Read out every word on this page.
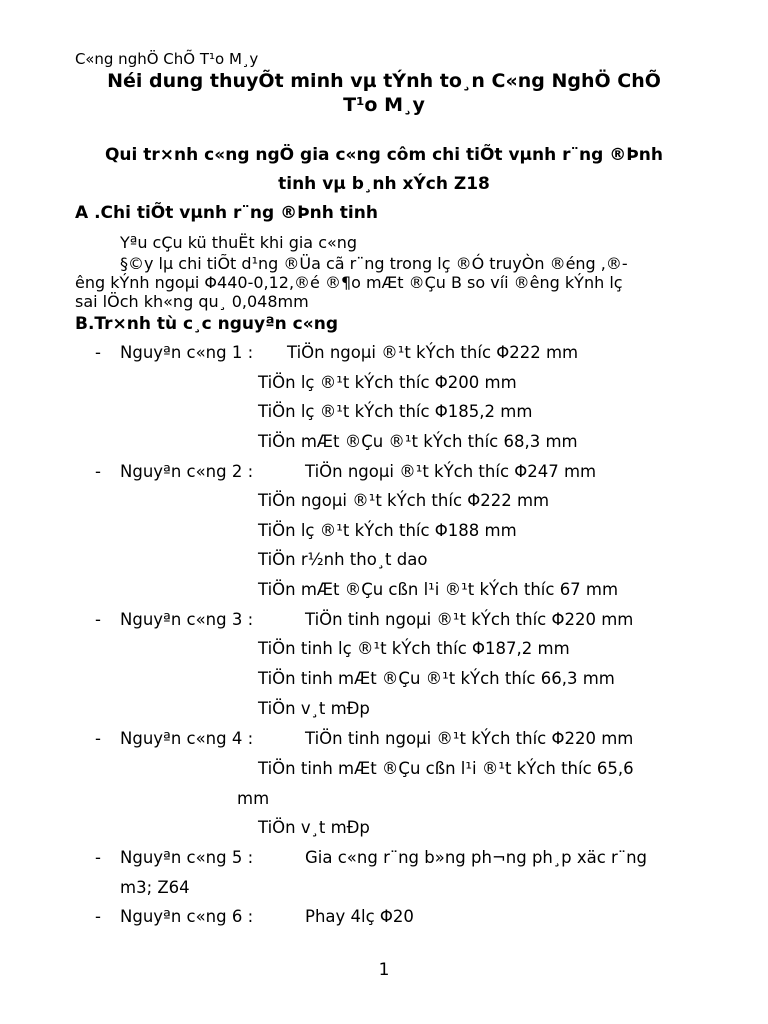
C«ng nghÖ ChÕ T¹o M¸y

Néi dung thuyÕt minh vµ tÝnh to¸n C«ng NghÖ ChÕ

T¹o M¸y

Qui tr×nh c«ng ngÖ gia c«ng côm chi tiÕt vµnh r¨ng ®Þnh

tinh vµ b¸nh xÝch Z18

A .Chi tiÕt vµnh r¨ng ®Þnh tinh

Yªu cÇu kü thuËt khi gia c«ng

§©y lµ chi tiÕt d¹ng ®Üa cã r¨ng trong lç ®Ó truyÒn ®éng ,®-

êng kÝnh ngoµi Φ440-0,12,®é ®¶o mÆt ®Çu B so víi ®êng kÝnh lç

sai lÖch kh«ng qu¸ 0,048mm

B.Tr×nh tù c¸c nguyªn c«ng

- Nguyªn c«ng 1 : TiÖn ngoµi ®¹t kÝch thíc Φ222 mm
TiÖn lç ®¹t kÝch thíc Φ200 mm
TiÖn lç ®¹t kÝch thíc Φ185,2 mm
TiÖn mÆt ®Çu ®¹t kÝch thíc 68,3 mm
- Nguyªn c«ng 2 :	TiÖn ngoµi ®¹t kÝch thíc Φ247 mm
TiÖn ngoµi ®¹t kÝch thíc Φ222 mm
TiÖn lç ®¹t kÝch thíc Φ188 mm
TiÖn r½nh tho¸t dao
TiÖn mÆt ®Çu cßn l¹i ®¹t kÝch thíc 67 mm
- Nguyªn c«ng 3 :	TiÖn tinh ngoµi ®¹t kÝch thíc Φ220 mm
TiÖn tinh lç ®¹t kÝch thíc Φ187,2 mm
TiÖn tinh mÆt ®Çu ®¹t kÝch thíc 66,3 mm
TiÖn v¸t mÐp
- Nguyªn c«ng 4 :	TiÖn tinh ngoµi ®¹t kÝch thíc Φ220 mm
TiÖn tinh mÆt ®Çu cßn l¹i ®¹t kÝch thíc 65,6
mm
TiÖn v¸t mÐp
- Nguyªn c«ng 5 :	Gia c«ng r¨ng b»ng ph¬ng ph¸p xäc r¨ng
m3; Z64
- Nguyªn c«ng 6 :	Phay 4lç Φ20

1
